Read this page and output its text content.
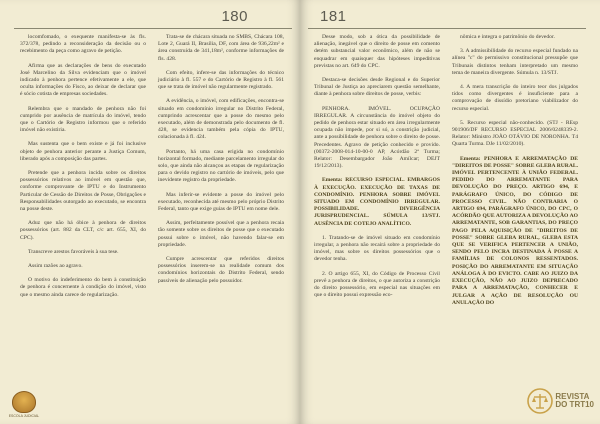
180

locomfomado, o exequente manifesta-se às fls. 372/378, pedindo a reconsideração da decisão ou o recebimento da peça como agravo de petição.

Afirma que as declarações de bens do executado José Marcelino da Silva evidenciam que o imóvel indicado à penhora pertence efetivamente a ele, que oculta informações do Fisco, ao deixar de declarar que é sócio cotista de empresas sociedades.

Relembra que o mandado de penhora não foi cumprido por ausência de matrícula do imóvel, tendo que o Cartório de Registro informou que o referido imóvel não existiria.

Mas sustenta que o bem existe e já foi inclusive objeto de penhora anterior perante a Justiça Comum, liberado após a composição das partes.

Pretende que a penhora incida sobre os direitos possessórios relativos ao imóvel em questão que, conforme comprovante de IPTU e do Instrumento Particular de Cessão de Direitos de Posse, Obrigações e Responsabilidades outorgado ao executado, se encontra na posse deste.

Aduz que não há óbice à penhora de direitos possessórios (art. 882 da CLT, c/c art. 655, XI, do CPC).

Transcreve arestos favoráveis à sua tese.

Assim razões ao agravo.

O motivo do indeferimento do bem à constituição de penhora é concernente à condição do imóvel, visto que o mesmo ainda carece de regularização.

Trata-se de chácara situada no SMBS, Chácara 108, Lote 2, Guará II, Brasília, DF, com área de 936,22m² e área construída de 341,18m², conforme informações de fls. 428.

Com efeito, infere-se das informações do técnico judiciário à fl. 557 e do Cartório de Registro à fl. 561 que se trata de imóvel não regularmente registrado.

A evidência, o imóvel, com edificações, encontra-se situado em condomínio irregular no Distrito Federal, cumprindo acrescentar que a posse do mesmo pelo executado, além de demonstrada pelo documento de fl. 428, se evidencia também pela cópia do IPTU, colacionada à fl. 424.

Portanto, há uma casa erigida no condomínio horizontal formado, mediante parcelamento irregular do solo, que ainda não alcançou as etapas de regularização para o devido registro no cartório de imóveis, pelo que inevidente registro da propriedade.

Mas inferir-se evidente a posse do imóvel pelo executado, reconhecida até mesmo pelo próprio Distrito Federal, tanto que exige guias de IPTU em nome dele.

Assim, perfeitamente possível que a penhora recaia tão somente sobre os direitos de posse que o executado possui sobre o imóvel, não havendo falar-se em propriedade.

Cumpre acrescentar que referidos direitos possessórios inserem-se na realidade comum dos condomínios horizontais do Distrito Federal, sendo passíveis de alienação pelo possuidor.

ESCOLA JUDICIAL
181

Desse modo, sob a ótica da possibilidade de alienação, inegável que o direito de posse em comento detém substancial valor econômico, além de não se enquadrar em quaisquer das hipóteses impeditivas previstas no art. 649 do CPC.

Destaca-se decisões desde Regional e do Superior Tribunal de Justiça ao apreciarem questão semelhante, diante à penhora sobre direitos de posse, verbis:

PENHORA. IMÓVEL. OCUPAÇÃO IRREGULAR. A circunstância do imóvel objeto do pedido de penhora estar situado em área irregularmente ocupada não impede, por si só, a constrição judicial, ante a possibilidade de penhora sobre o direito de posse. Precedentes. Agravo de petição conhecido e provido. (00372-2008-014-10-00-0 AP, Acórdão 2ª Turma; Relator: Desembargador João Amílcar; DEJT 19/12/2013).

Ementa: RECURSO ESPECIAL. EMBARGOS À EXECUÇÃO. EXECUÇÃO DE TAXAS DE CONDOMÍNIO. PENHORA SOBRE IMÓVEL SITUADO EM CONDOMÍNIO IRREGULAR. POSSIBILIDADE. DIVERGÊNCIA JURISPRUDENCIAL. SÚMULA 13/STJ. AUSÊNCIA DE COTEJO ANALÍTICO.

1. Tratando-se de imóvel situado em condomínio irregular, a penhora não recairá sobre a propriedade do imóvel, mas sobre os direitos possessórios que o devedor tenha.

2. O artigo 655, XI, do Código de Processo Civil prevê a penhora de direitos, o que autoriza a constrição do direito possessório, em especial nas situações em que o direito possui expressão eco-

nômica e integra o patrimônio do devedor.

3. A admissibilidade do recurso especial fundado na alínea "c" do permissivo constitucional pressupõe que Tribunais distintos tenham interpretado um mesmo tema de maneira divergente. Súmula n. 13/STJ.

4. A mera transcrição do inteiro teor dos julgados tidos como divergentes é insuficiente para a comprovação de dissídio pretoriano viabilizador do recurso especial.

5. Recurso especial não-conhecido. (STJ - REsp 901906/DF RECURSO ESPECIAL 2006/0248339-2. Relator: Ministro JOÃO OTÁVIO DE NORONHA. T4 Quarta Turma. DJe 11/02/2010).

Ementa: PENHORA E ARREMATAÇÃO DE "DIREITOS DE POSSE" SOBRE GLEBA RURAL. IMÓVEL PERTENCENTE À UNIÃO FEDERAL. PEDIDO DO ARREMATANTE PARA DEVOLUÇÃO DO PREÇO. ARTIGO 694, E PARÁGRAFO ÚNICO, DO CÓDIGO DE PROCESSO CIVIL. NÃO CONTRARIA O ARTIGO 694, PARÁGRAFO ÚNICO, DO CPC, O ACÓRDÃO QUE AUTORIZA A DEVOLUÇÃO AO ARREMATANTE, SOB GARANTIAS, DO PREÇO PAGO PELA AQUISIÇÃO DE "DIREITOS DE POSSE" SOBRE GLEBA RURAL, GLEBA ESTA QUE SE VERIFICA PERTENCER A UNIÃO, SENDO PELO INCRA DESTINADA À POSSE A FAMÍLIAS DE COLONOS RESSENTADOS. POSIÇÃO DO ARREMATANTE EM SITUAÇÃO ANÁLOGA À DO EVICTO. CABE AO JUIZO DA EXECUÇÃO, NÃO AO JUIZO DEPRECADO PARA A ARREMATAÇÃO, CONHECER E JULGAR A AÇÃO DE RESOLUÇÃO OU ANULAÇÃO DO

REVISTA
DO TRT10
